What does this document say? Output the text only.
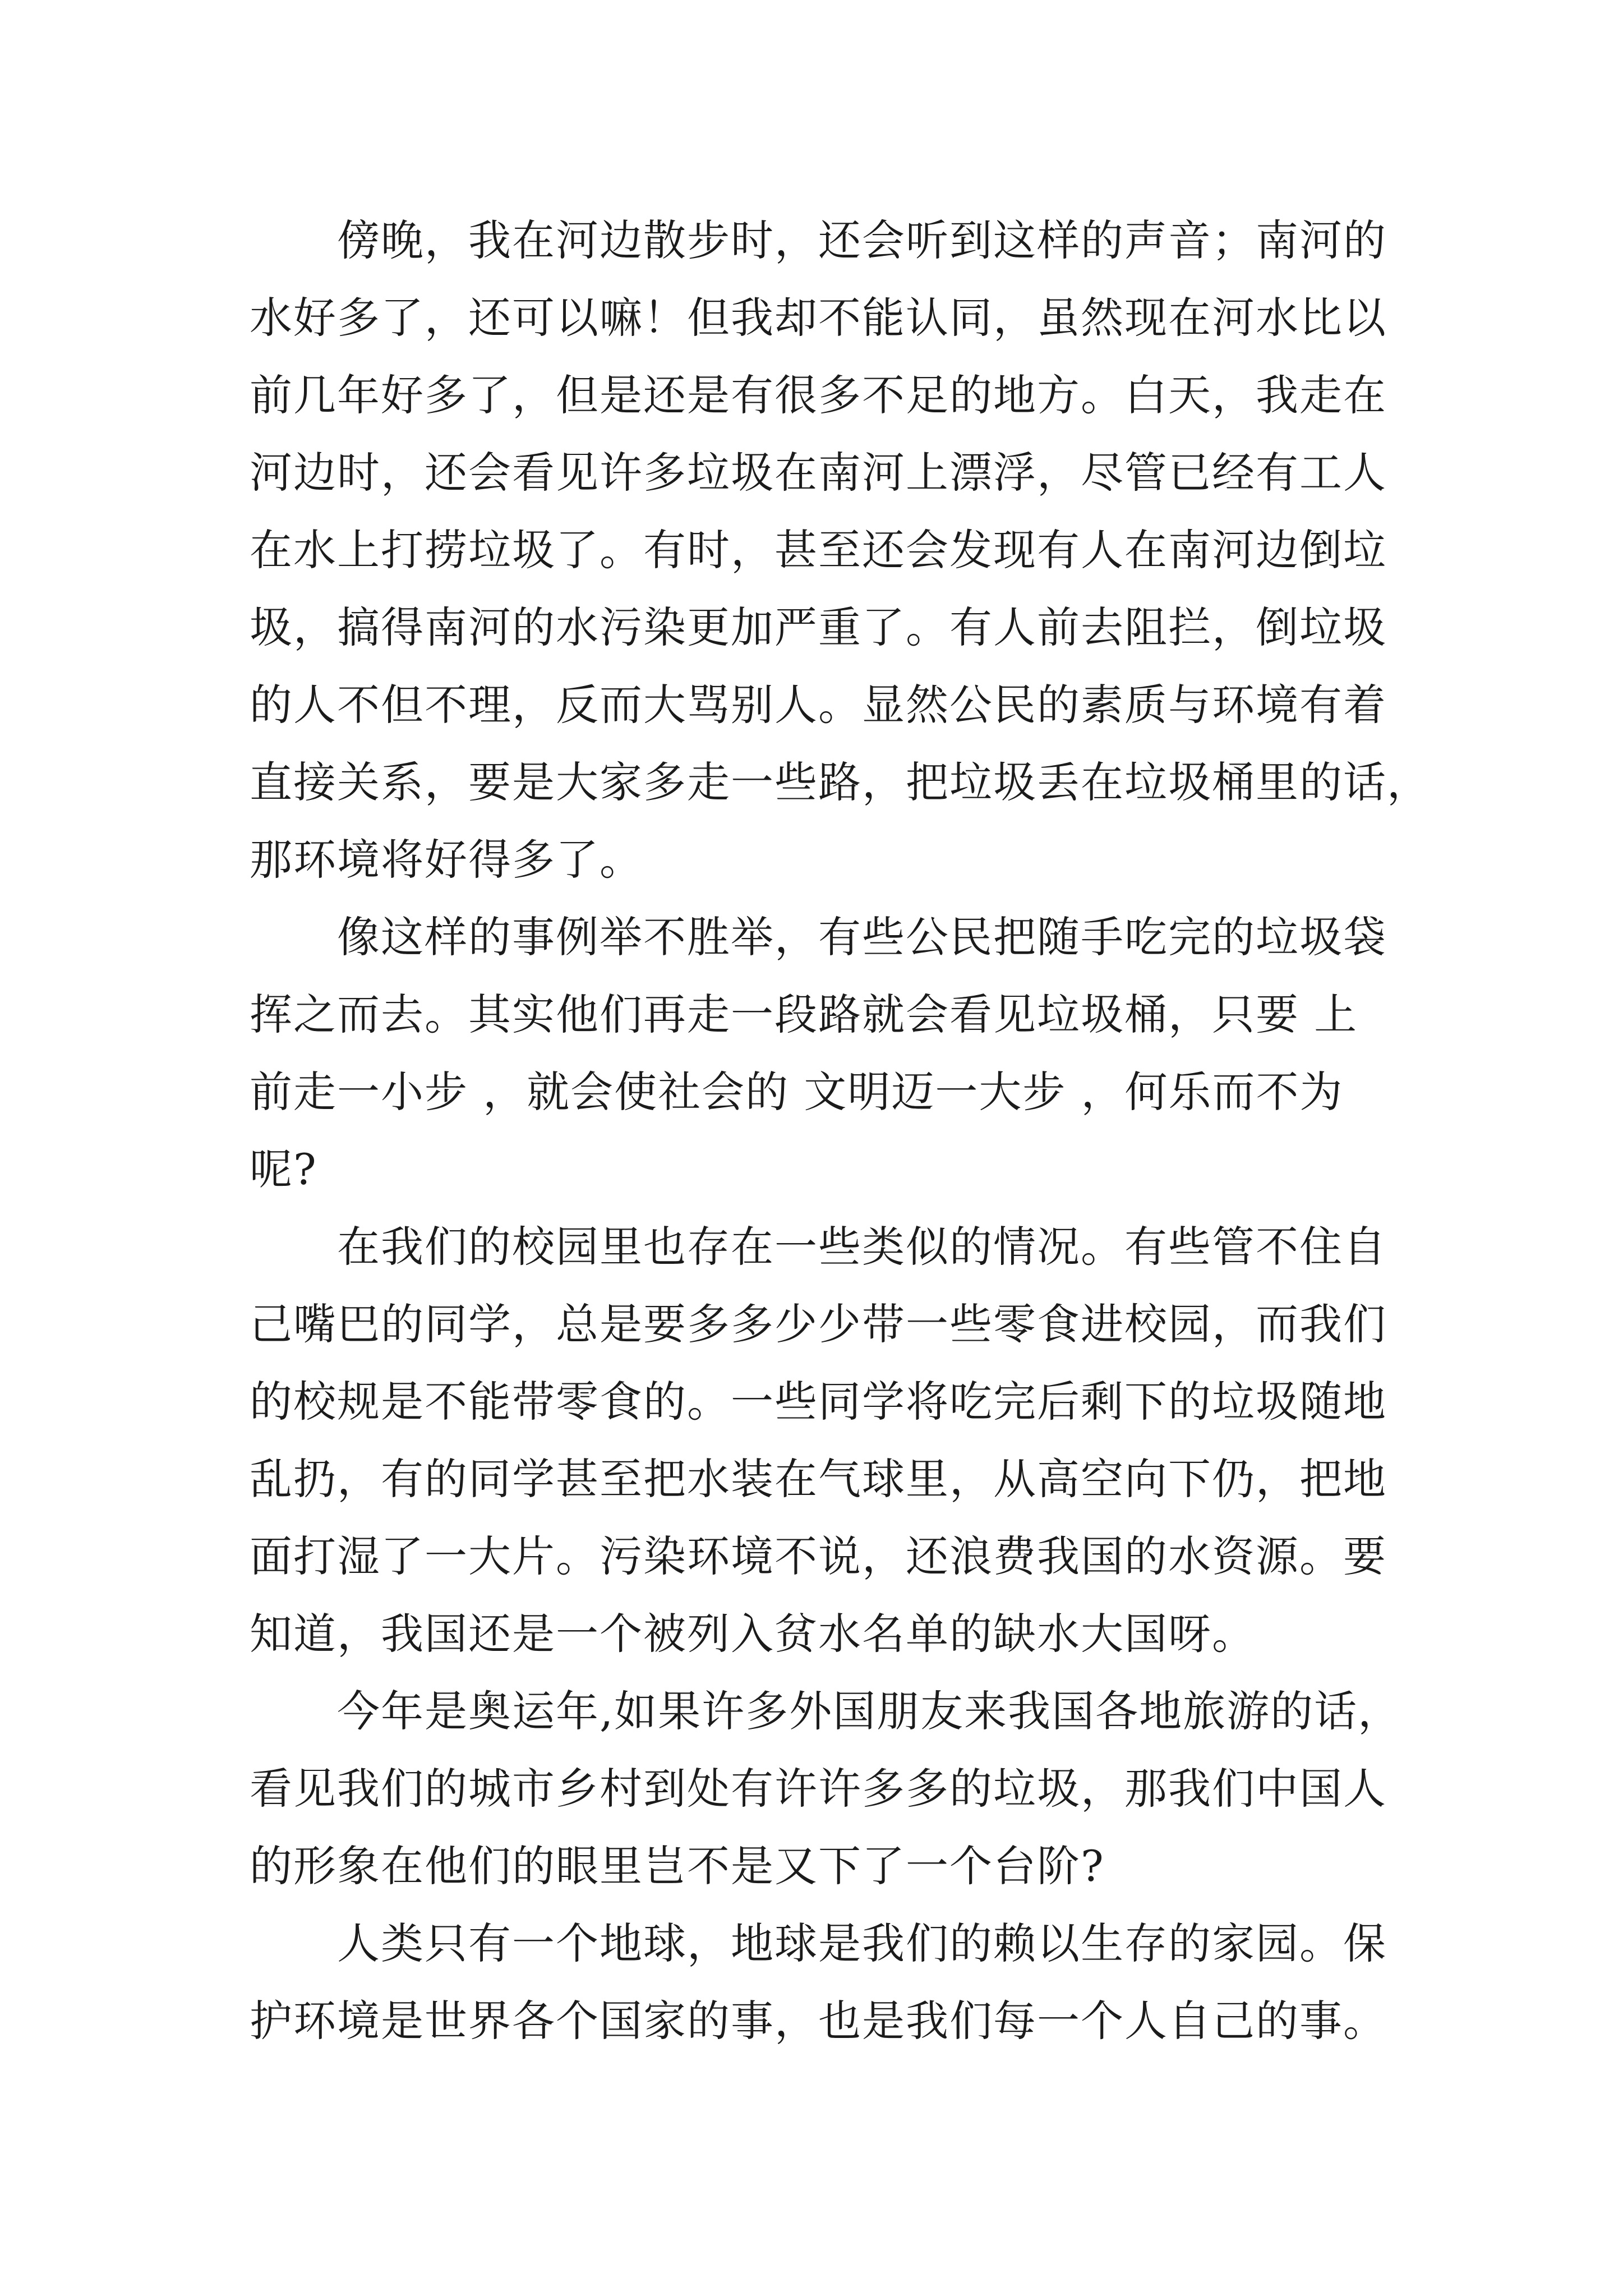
傍晚，我在河边散步时，还会听到这样的声音；南河的
水好多了，还可以嘛！但我却不能认同，虽然现在河水比以
前几年好多了，但是还是有很多不足的地方。白天，我走在
河边时，还会看见许多垃圾在南河上漂浮，尽管已经有工人
在水上打捞垃圾了。有时，甚至还会发现有人在南河边倒垃
圾，搞得南河的水污染更加严重了。有人前去阻拦，倒垃圾
的人不但不理，反而大骂别人。显然公民的素质与环境有着
直接关系，要是大家多走一些路，把垃圾丢在垃圾桶里的话，
那环境将好得多了。
像这样的事例举不胜举，有些公民把随手吃完的垃圾袋
挥之而去。其实他们再走一段路就会看见垃圾桶，只要 上
前走一小步 ，就会使社会的 文明迈一大步 ，何乐而不为
呢?
在我们的校园里也存在一些类似的情况。有些管不住自
己嘴巴的同学，总是要多多少少带一些零食进校园，而我们
的校规是不能带零食的。一些同学将吃完后剩下的垃圾随地
乱扔，有的同学甚至把水装在气球里，从高空向下仍，把地
面打湿了一大片。污染环境不说，还浪费我国的水资源。要
知道，我国还是一个被列入贫水名单的缺水大国呀。
今年是奥运年,如果许多外国朋友来我国各地旅游的话，
看见我们的城市乡村到处有许许多多的垃圾，那我们中国人
的形象在他们的眼里岂不是又下了一个台阶?
人类只有一个地球，地球是我们的赖以生存的家园。保
护环境是世界各个国家的事，也是我们每一个人自己的事。
